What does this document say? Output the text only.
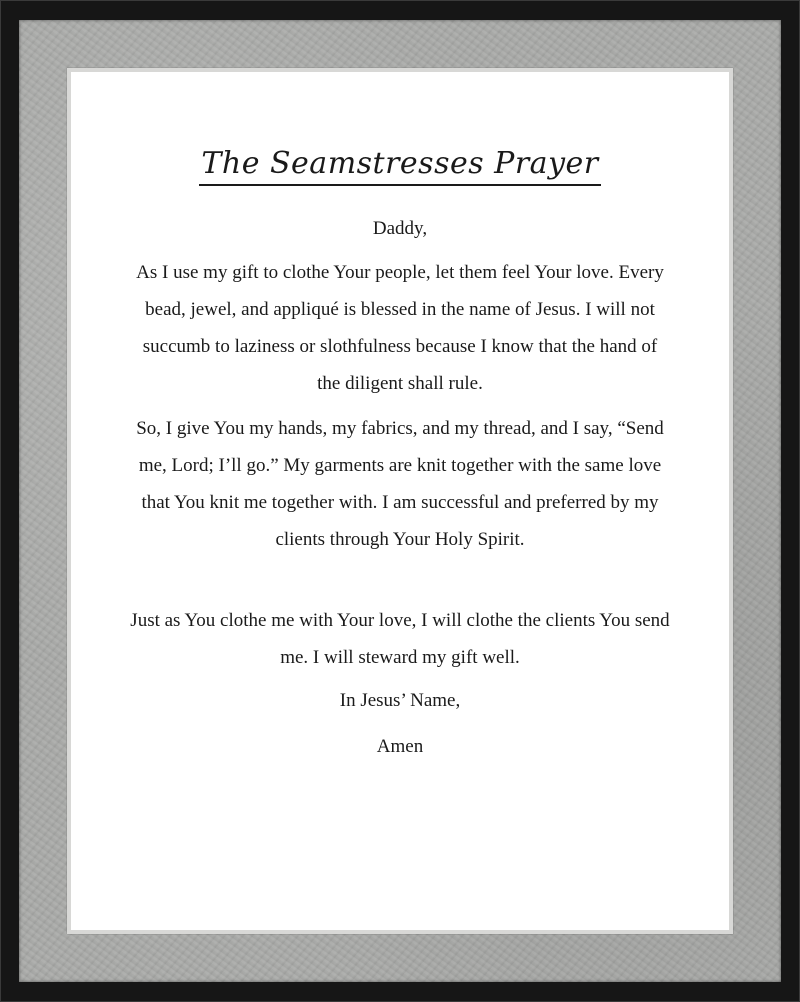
The Seamstresses Prayer

Daddy,

As I use my gift to clothe Your people, let them feel Your love. Every bead, jewel, and appliqué is blessed in the name of Jesus. I will not succumb to laziness or slothfulness because I know that the hand of the diligent shall rule.

So, I give You my hands, my fabrics, and my thread, and I say, “Send me, Lord; I’ll go.” My garments are knit together with the same love that You knit me together with. I am successful and preferred by my clients through Your Holy Spirit.

Just as You clothe me with Your love, I will clothe the clients You send me. I will steward my gift well.

In Jesus’ Name,

Amen
